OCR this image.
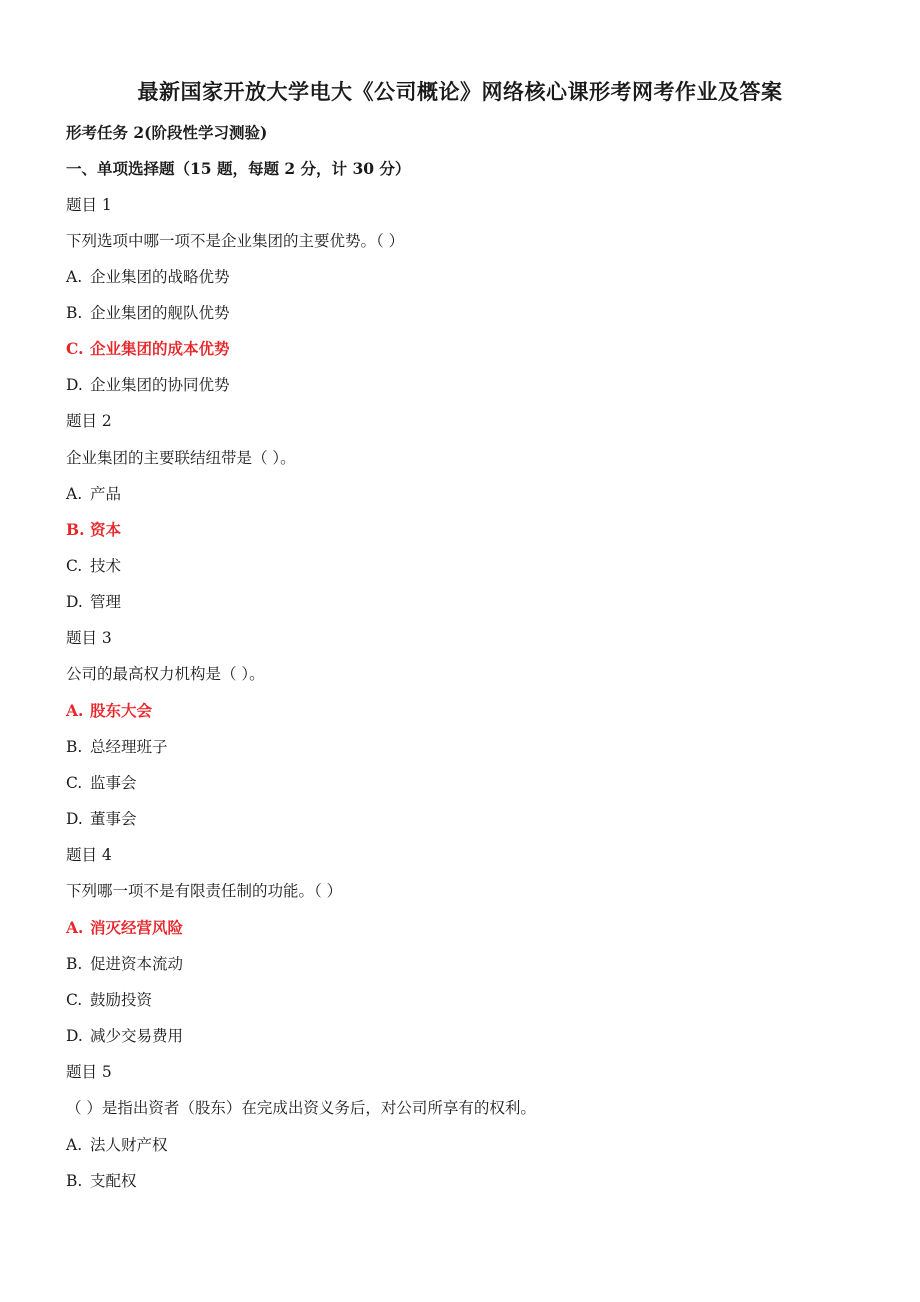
最新国家开放大学电大《公司概论》网络核心课形考网考作业及答案
形考任务 2(阶段性学习测验)
一、单项选择题（15 题，每题 2 分，计 30 分）
题目 1
下列选项中哪一项不是企业集团的主要优势。（ ）
A. 企业集团的战略优势
B. 企业集团的舰队优势
C. 企业集团的成本优势
D. 企业集团的协同优势
题目 2
企业集团的主要联结纽带是（ ）。
A. 产品
B. 资本
C. 技术
D. 管理
题目 3
公司的最高权力机构是（ ）。
A. 股东大会
B. 总经理班子
C. 监事会
D. 董事会
题目 4
下列哪一项不是有限责任制的功能。（ ）
A. 消灭经营风险
B. 促进资本流动
C. 鼓励投资
D. 减少交易费用
题目 5
（ ）是指出资者（股东）在完成出资义务后，对公司所享有的权利。
A. 法人财产权
B. 支配权
